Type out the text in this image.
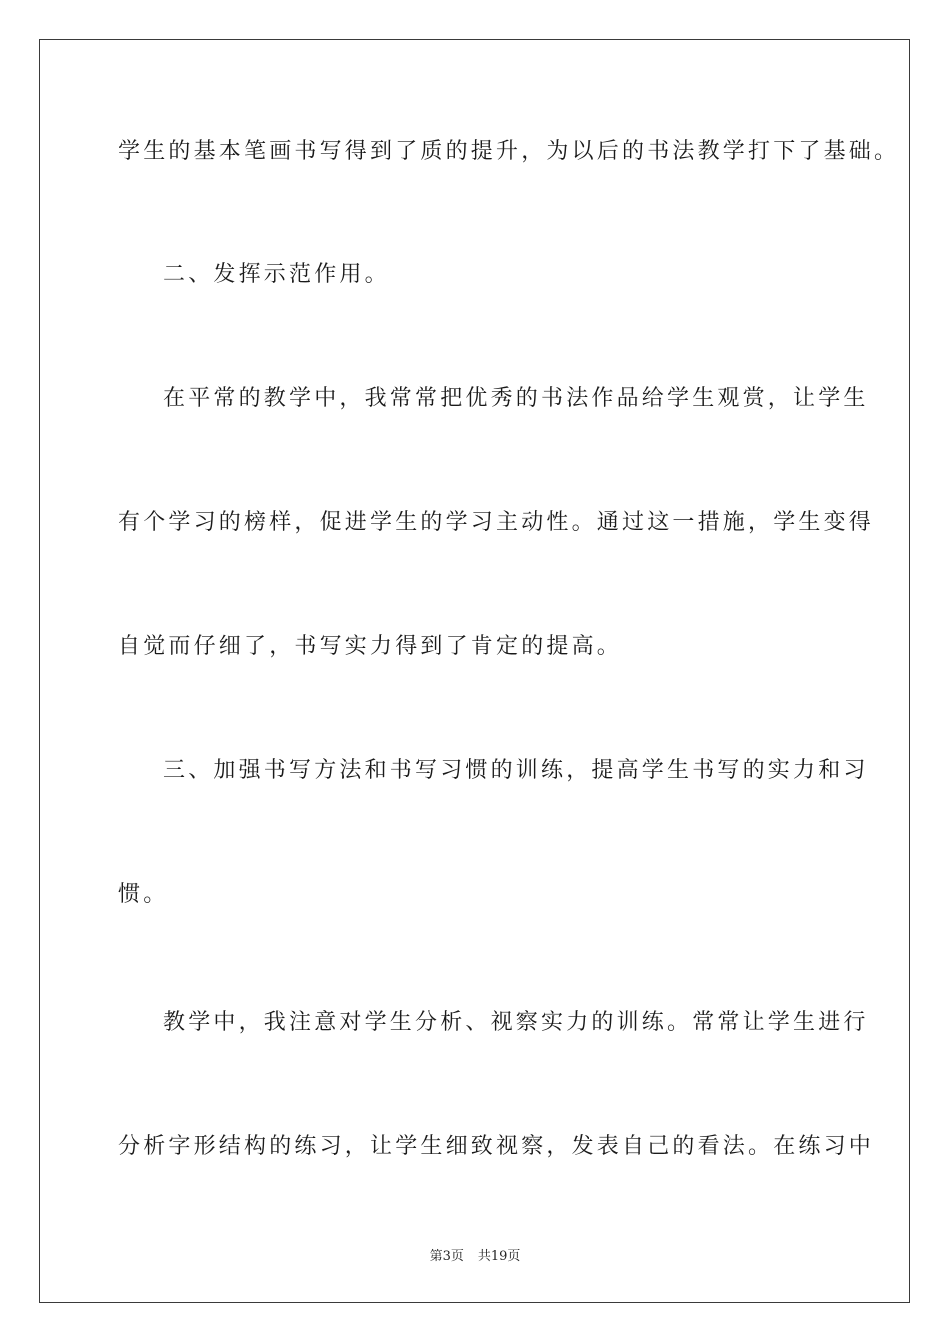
学生的基本笔画书写得到了质的提升，为以后的书法教学打下了基础。

二、发挥示范作用。

在平常的教学中，我常常把优秀的书法作品给学生观赏，让学生

有个学习的榜样，促进学生的学习主动性。通过这一措施，学生变得

自觉而仔细了，书写实力得到了肯定的提高。

三、加强书写方法和书写习惯的训练，提高学生书写的实力和习

惯。

教学中，我注意对学生分析、视察实力的训练。常常让学生进行

分析字形结构的练习，让学生细致视察，发表自己的看法。在练习中

第3页 共19页
